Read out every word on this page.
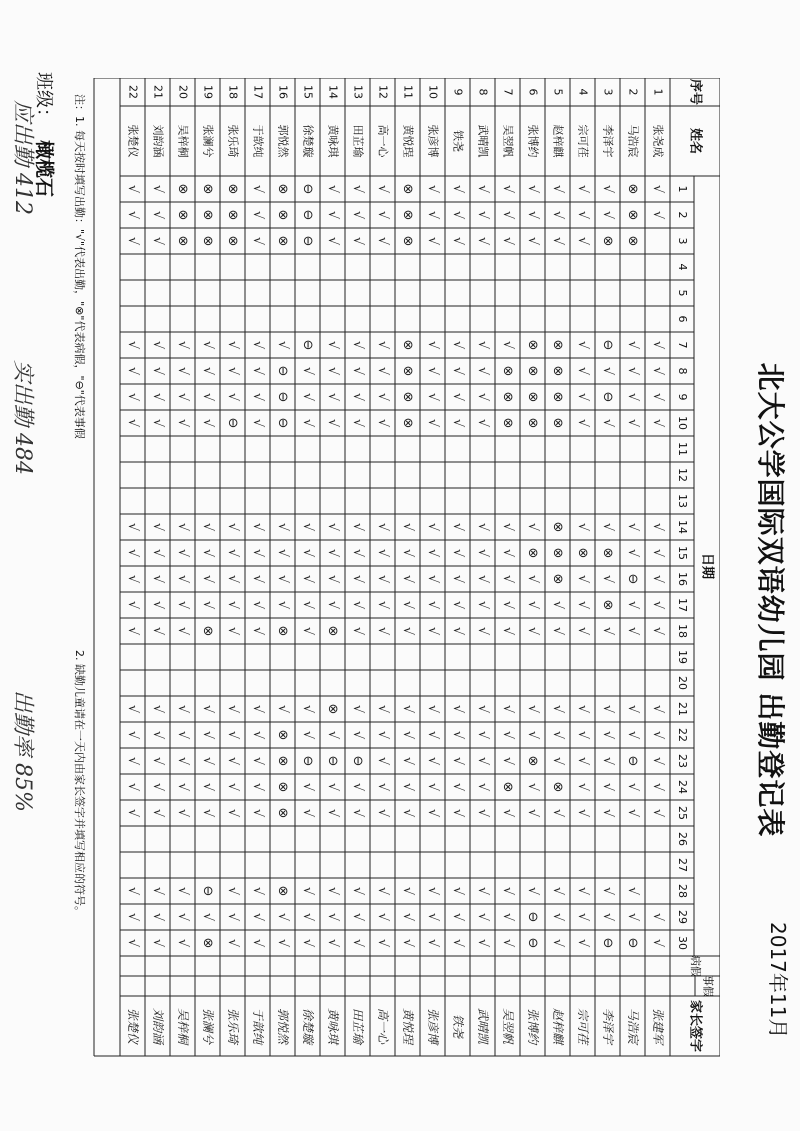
北大公学国际双语幼儿园 出勤登记表
2017年11月
班级：
橄榄石
序号
姓名
日期
1
2
3
4
5
6
7
8
9
10
11
12
13
14
15
16
17
18
19
20
21
22
23
24
25
26
27
28
29
30
病假
事假
家长签字
1
张尧成
张建军
√
√
√
√
√
√
√
√
√
√
√
√
√
√
√
√
√
√
2
马浩宸
马浩宸
⊗
⊗
⊗
√
√
√
√
√
√
⊖
√
√
√
√
⊖
√
√
√
√
⊖
3
李泽宇
李泽宇
√
√
⊗
⊖
√
⊖
√
√
⊗
√
⊗
√
√
√
√
√
√
√
√
⊖
4
宗可荏
宗可荏
√
√
√
√
√
√
√
√
⊗
√
√
√
√
√
√
√
√
√
√
√
5
赵梓麒
赵梓麒
√
√
√
⊗
⊗
⊗
⊗
⊗
⊗
⊗
√
√
√
√
√
⊗
√
√
√
√
6
张博约
张博约
√
√
√
⊗
⊗
⊗
⊗
√
⊗
√
√
√
√
√
⊗
√
√
√
⊖
⊖
7
吴翌帆
吴翌帆
√
√
√
√
⊗
⊗
⊗
√
√
√
√
√
√
√
√
⊗
√
√
√
√
8
武晴凯
武晴凯
√
√
√
√
√
√
√
√
√
√
√
√
√
√
√
√
√
√
√
√
9
铁尧
铁尧
√
√
√
√
√
√
√
√
√
√
√
√
√
√
√
√
√
√
√
√
10
张彦博
张彦博
√
√
√
√
√
√
√
√
√
√
√
√
√
√
√
√
√
√
√
√
11
黄悦珵
黄悦珵
⊗
⊗
⊗
⊗
⊗
⊗
⊗
√
√
√
√
√
√
√
√
√
√
√
√
√
12
高一心
高一心
√
√
√
√
√
√
√
√
√
√
√
√
√
√
√
√
√
√
√
√
13
田芷瑜
田芷瑜
√
√
√
√
√
√
√
√
√
√
√
√
√
√
⊖
√
√
√
√
√
14
黄咏琪
黄咏琪
√
√
√
√
√
√
√
√
√
√
√
⊗
⊗
√
⊖
√
√
√
√
√
15
徐楚璇
徐楚璇
⊖
⊖
⊖
⊖
√
√
√
√
√
√
√
√
√
√
⊖
√
√
√
√
√
16
郭悦然
郭悦然
⊗
⊗
⊗
√
⊖
⊖
⊖
√
√
√
√
⊗
√
⊗
⊗
⊗
⊗
⊗
√
√
17
于歆纯
于歆纯
√
√
√
√
√
√
√
√
√
√
√
√
√
√
√
√
√
√
√
√
18
张乐琦
张乐琦
⊗
⊗
⊗
√
√
√
⊖
√
√
√
√
√
√
√
√
√
√
√
√
√
19
张澜兮
张澜兮
⊗
⊗
⊗
√
√
√
√
√
√
√
√
⊗
√
√
√
√
√
⊖
√
⊗
20
吴梓桐
吴梓桐
⊗
⊗
⊗
√
√
√
√
√
√
√
√
√
√
√
√
√
√
√
√
√
21
刘韵涵
刘韵涵
√
√
√
√
√
√
√
√
√
√
√
√
√
√
√
√
√
√
√
√
22
张楚仪
张楚仪
√
√
√
√
√
√
√
√
√
√
√
√
√
√
√
√
√
√
√
√
注：1. 每天按时填写出勤："√"代表出勤，"⊗"代表病假，"⊖"代表事假
2. 缺勤儿童请在一天内由家长签字并填写相应的符号。
应出勤 412
实出勤 484
出勤率 85%
